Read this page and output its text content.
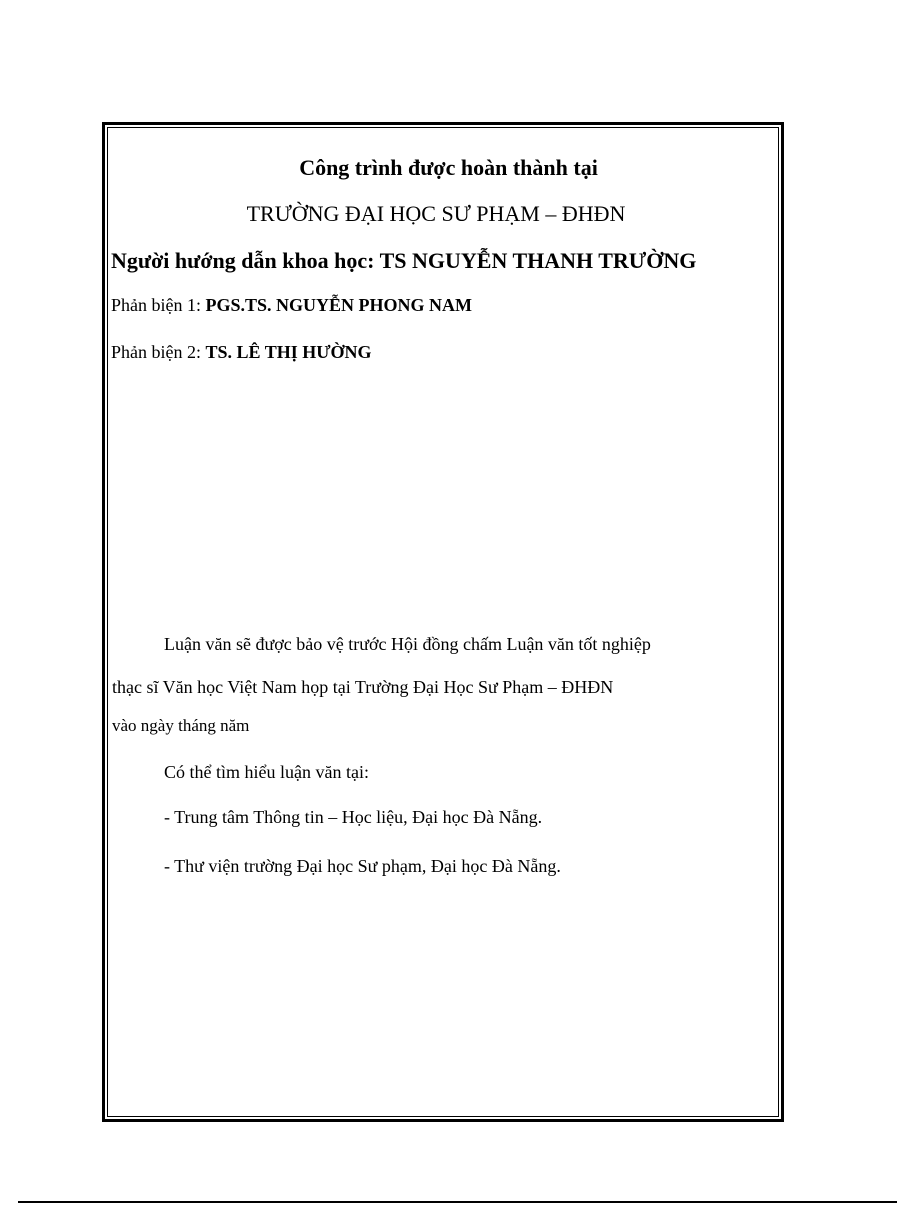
Công trình được hoàn thành tại
TRƯỜNG ĐẠI HỌC SƯ PHẠM – ĐHĐN
Người hướng dẫn khoa học: TS NGUYỄN THANH TRƯỜNG
Phản biện 1: PGS.TS. NGUYỄN PHONG NAM
Phản biện 2: TS. LÊ THỊ HƯỜNG
Luận văn sẽ được bảo vệ trước Hội đồng chấm Luận văn tốt nghiệp
thạc sĩ Văn học Việt Nam họp tại Trường Đại Học Sư Phạm – ĐHĐN
vào ngày tháng năm
Có thể tìm hiểu luận văn tại:
- Trung tâm Thông tin – Học liệu, Đại học Đà Nẵng.
- Thư viện trường Đại học Sư phạm, Đại học Đà Nẵng.
